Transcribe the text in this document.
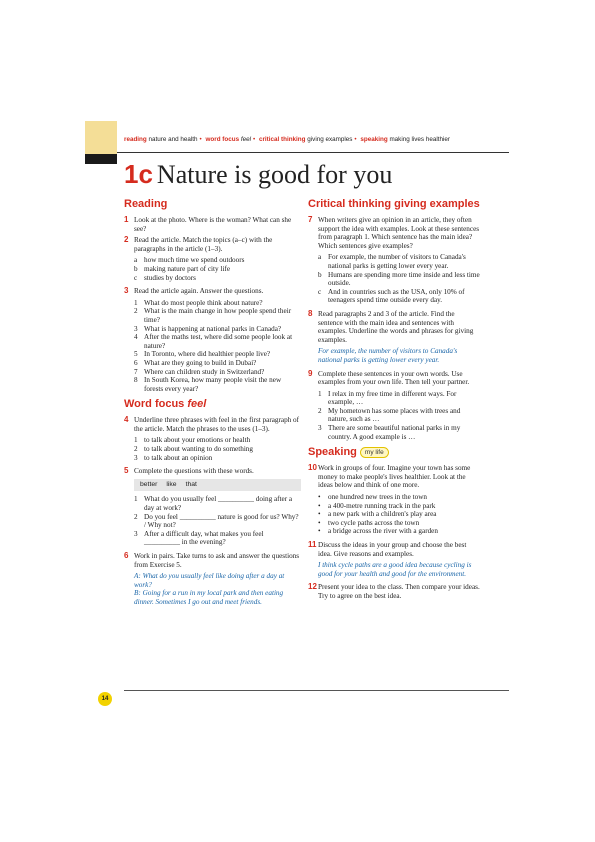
reading nature and health • word focus feel • critical thinking giving examples • speaking making lives healthier
1c Nature is good for you
Reading
1 Look at the photo. Where is the woman? What can she see?
2 Read the article. Match the topics (a–c) with the paragraphs in the article (1–3).
a how much time we spend outdoors
b making nature part of city life
c studies by doctors
3 Read the article again. Answer the questions.
1 What do most people think about nature?
2 What is the main change in how people spend their time?
3 What is happening at national parks in Canada?
4 After the maths test, where did some people look at nature?
5 In Toronto, where did healthier people live?
6 What are they going to build in Dubai?
7 Where can children study in Switzerland?
8 In South Korea, how many people visit the new forests every year?
Word focus feel
4 Underline three phrases with feel in the first paragraph of the article. Match the phrases to the uses (1–3).
1 to talk about your emotions or health
2 to talk about wanting to do something
3 to talk about an opinion
5 Complete the questions with these words.
better like that
1 What do you usually feel __________ doing after a day at work?
2 Do you feel __________ nature is good for us? Why? / Why not?
3 After a difficult day, what makes you feel __________ in the evening?
6 Work in pairs. Take turns to ask and answer the questions from Exercise 5.
A: What do you usually feel like doing after a day at work?
B: Going for a run in my local park and then eating dinner. Sometimes I go out and meet friends.
Critical thinking giving examples
7 When writers give an opinion in an article, they often support the idea with examples. Look at these sentences from paragraph 1. Which sentence has the main idea? Which sentences give examples?
a For example, the number of visitors to Canada's national parks is getting lower every year.
b Humans are spending more time inside and less time outside.
c And in countries such as the USA, only 10% of teenagers spend time outside every day.
8 Read paragraphs 2 and 3 of the article. Find the sentence with the main idea and sentences with examples. Underline the words and phrases for giving examples.
For example, the number of visitors to Canada's national parks is getting lower every year.
9 Complete these sentences in your own words. Use examples from your own life. Then tell your partner.
1 I relax in my free time in different ways. For example, …
2 My hometown has some places with trees and nature, such as …
3 There are some beautiful national parks in my country. A good example is …
Speaking my life
10 Work in groups of four. Imagine your town has some money to make people's lives healthier. Look at the ideas below and think of one more.
•	one hundred new trees in the town
•	a 400-metre running track in the park
•	a new park with a children's play area
•	two cycle paths across the town
•	a bridge across the river with a garden
11 Discuss the ideas in your group and choose the best idea. Give reasons and examples.
I think cycle paths are a good idea because cycling is good for your health and good for the environment.
12 Present your idea to the class. Then compare your ideas. Try to agree on the best idea.
14
